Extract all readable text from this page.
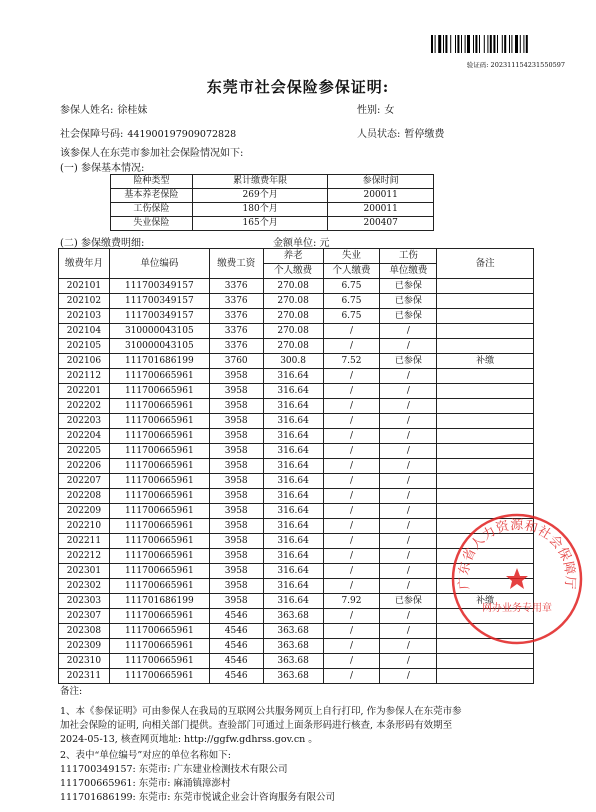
验证码: 20231115423155059​7
东莞市社会保险参保证明:
参保人姓名: 徐桂妹	性别: 女
社会保障号码: 441900197909072828	人员状态: 暂停缴费
该参保人在东莞市参加社会保险情况如下:
(一) 参保基本情况:
险种类型	累计缴费年限	参保时间
基本养老保险	269个月	200011
工伤保险	180个月	200011
失业保险	165个月	200407
(二) 参保缴费明细:	金额单位: 元
缴费年月	单位编码	缴费工资	养老	失业	工伤	备注
			个人缴费	个人缴费	单位缴费	
202101	111700349157	3376	270.08	6.75	已参保	
202102	111700349157	3376	270.08	6.75	已参保	
202103	111700349157	3376	270.08	6.75	已参保	
202104	310000043105	3376	270.08	/	/	
202105	310000043105	3376	270.08	/	/	
202106	111701686199	3760	300.8	7.52	已参保	补缴
202112	111700665961	3958	316.64	/	/	
202201	111700665961	3958	316.64	/	/	
202202	111700665961	3958	316.64	/	/	
202203	111700665961	3958	316.64	/	/	
202204	111700665961	3958	316.64	/	/	
202205	111700665961	3958	316.64	/	/	
202206	111700665961	3958	316.64	/	/	
202207	111700665961	3958	316.64	/	/	
202208	111700665961	3958	316.64	/	/	
202209	111700665961	3958	316.64	/	/	
202210	111700665961	3958	316.64	/	/	
202211	111700665961	3958	316.64	/	/	
202212	111700665961	3958	316.64	/	/	
202301	111700665961	3958	316.64	/	/	
202302	111700665961	3958	316.64	/	/	
202303	111701686199	3958	316.64	7.92	已参保	补缴
202307	111700665961	4546	363.68	/	/	
202308	111700665961	4546	363.68	/	/	
202309	111700665961	4546	363.68	/	/	
202310	111700665961	4546	363.68	/	/	
202311	111700665961	4546	363.68	/	/	
备注:
1、本《参保证明》可由参保人在我局的互联网公共服务网页上自行打印, 作为参保人在东莞市参
加社会保险的证明, 向相关部门提供。查验部门可通过上面条形码进行核查, 本条形码有效期至
2024-05-13, 核查网页地址: http://ggfw.gdhrss.gov.cn 。
2、表中“单位编号”对应的单位名称如下:
111700349157: 东莞市: 广东建业检测技术有限公司
111700665961: 东莞市: 麻涌镇漳澎村
111701686199: 东莞市: 东莞市悦诚企业会计咨询服务有限公司
广东省人力资源和社会保障厅
网办业务专用章
